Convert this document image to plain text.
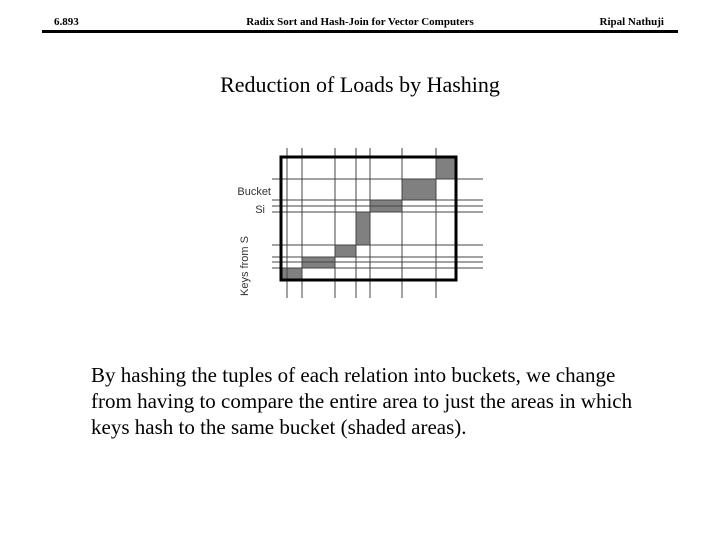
6.893	Radix Sort and Hash-Join for Vector Computers	Ripal Nathuji
Reduction of Loads by Hashing
Bucket
Si
Keys from S
By hashing the tuples of each relation into buckets, we change from having to compare the entire area to just the areas in which keys hash to the same bucket (shaded areas).
